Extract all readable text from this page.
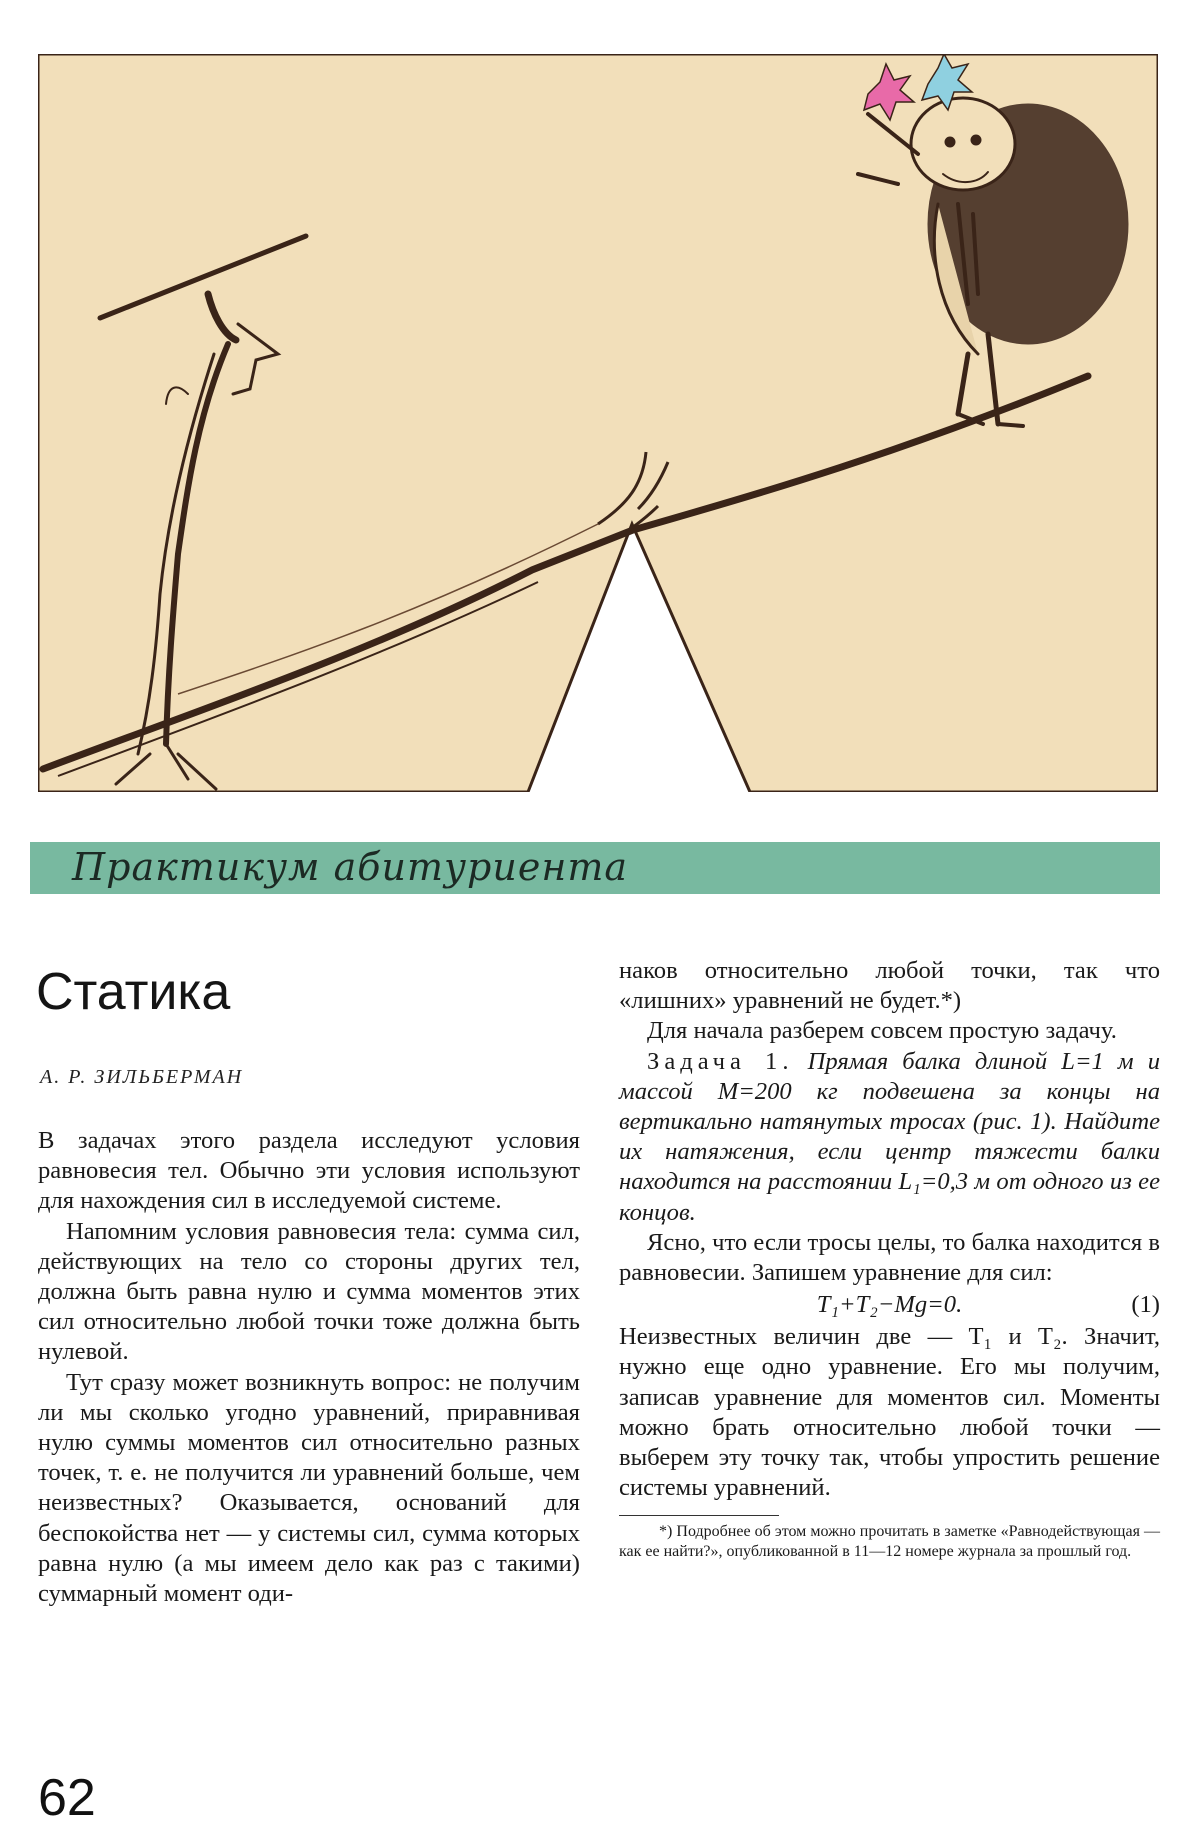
Практикум абитуриента
Статика
А. Р. ЗИЛЬБЕРМАН

В задачах этого раздела исследуют условия равновесия тел. Обычно эти условия используют для нахождения сил в исследуемой системе.

Напомним условия равновесия тела: сумма сил, действующих на тело со стороны других тел, должна быть равна нулю и сумма моментов этих сил относительно любой точки тоже должна быть нулевой.

Тут сразу может возникнуть вопрос: не получим ли мы сколько угодно уравнений, приравнивая нулю суммы моментов сил относительно разных точек, т. е. не получится ли уравнений больше, чем неизвестных? Оказывается, оснований для беспокойства нет — у системы сил, сумма которых равна нулю (а мы имеем дело как раз с такими) суммарный момент оди-

наков относительно любой точки, так что «лишних» уравнений не будет.*)

Для начала разберем совсем простую задачу.

Задача 1. Прямая балка длиной L=1 м и массой M=200 кг подвешена за концы на вертикально натянутых тросах (рис. 1). Найдите их натяжения, если центр тяжести балки находится на расстоянии L₁=0,3 м от одного из ее концов.

Ясно, что если тросы целы, то балка находится в равновесии. Запишем уравнение для сил:

T₁+T₂−Mg=0.	(1)

Неизвестных величин две — T₁ и T₂. Значит, нужно еще одно уравнение. Его мы получим, записав уравнение для моментов сил. Моменты можно брать относительно любой точки — выберем эту точку так, чтобы упростить решение системы уравнений.

*) Подробнее об этом можно прочитать в заметке «Равнодействующая — как ее найти?», опубликованной в 11—12 номере журнала за прошлый год.

62
